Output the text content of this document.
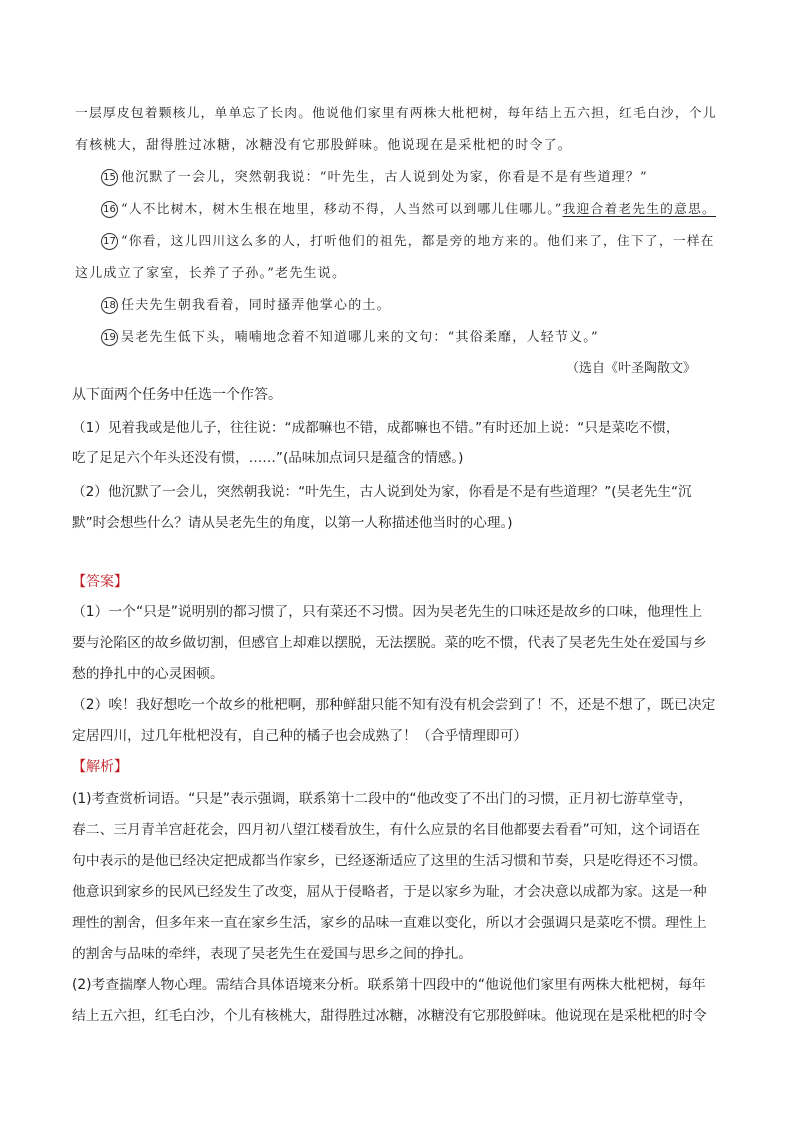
一层厚皮包着颗核儿，单单忘了长肉。他说他们家里有两株大枇杷树，每年结上五六担，红毛白沙，个儿

有核桃大，甜得胜过冰糖，冰糖没有它那股鲜味。他说现在是采枇杷的时令了。

15 他沉默了一会儿，突然朝我说：“叶先生，古人说到处为家，你看是不是有些道理？”

16 “人不比树木，树木生根在地里，移动不得，人当然可以到哪儿住哪儿。”我迎合着老先生的意思。

17 “你看，这儿四川这么多的人，打听他们的祖先，都是旁的地方来的。他们来了，住下了，一样在

这儿成立了家室，长养了子孙。”老先生说。

18 任夫先生朝我看着，同时搔弄他掌心的土。

19 吴老先生低下头，喃喃地念着不知道哪儿来的文句：“其俗柔靡，人轻节义。”

（选自《叶圣陶散文》

从下面两个任务中任选一个作答。

（1）见着我或是他儿子，往往说：“成都嘛也不错，成都嘛也不错。”有时还加上说：“只是菜吃不惯，

吃了足足六个年头还没有惯，……”(品味加点词只是蕴含的情感。)

（2）他沉默了一会儿，突然朝我说：“叶先生，古人说到处为家，你看是不是有些道理？”(吴老先生“沉

默”时会想些什么？请从吴老先生的角度，以第一人称描述他当时的心理。)

【答案】

（1）一个“只是”说明别的都习惯了，只有菜还不习惯。因为吴老先生的口味还是故乡的口味，他理性上

要与沦陷区的故乡做切割，但感官上却难以摆脱，无法摆脱。菜的吃不惯，代表了吴老先生处在爱国与乡

愁的挣扎中的心灵困顿。

（2）唉！我好想吃一个故乡的枇杷啊，那种鲜甜只能不知有没有机会尝到了！不，还是不想了，既已决定

定居四川，过几年枇杷没有，自己种的橘子也会成熟了！（合乎情理即可）

【解析】

(1)考查赏析词语。“只是”表示强调，联系第十二段中的“他改变了不出门的习惯，正月初七游草堂寺，

春二、三月青羊宫赶花会，四月初八望江楼看放生，有什么应景的名目他都要去看看”可知，这个词语在

句中表示的是他已经决定把成都当作家乡，已经逐渐适应了这里的生活习惯和节奏，只是吃得还不习惯。

他意识到家乡的民风已经发生了改变，屈从于侵略者，于是以家乡为耻，才会决意以成都为家。这是一种

理性的割舍，但多年来一直在家乡生活，家乡的品味一直难以变化，所以才会强调只是菜吃不惯。理性上

的割舍与品味的牵绊，表现了吴老先生在爱国与思乡之间的挣扎。

(2)考查揣摩人物心理。需结合具体语境来分析。联系第十四段中的“他说他们家里有两株大枇杷树，每年

结上五六担，红毛白沙，个儿有核桃大，甜得胜过冰糖，冰糖没有它那股鲜味。他说现在是采枇杷的时令
